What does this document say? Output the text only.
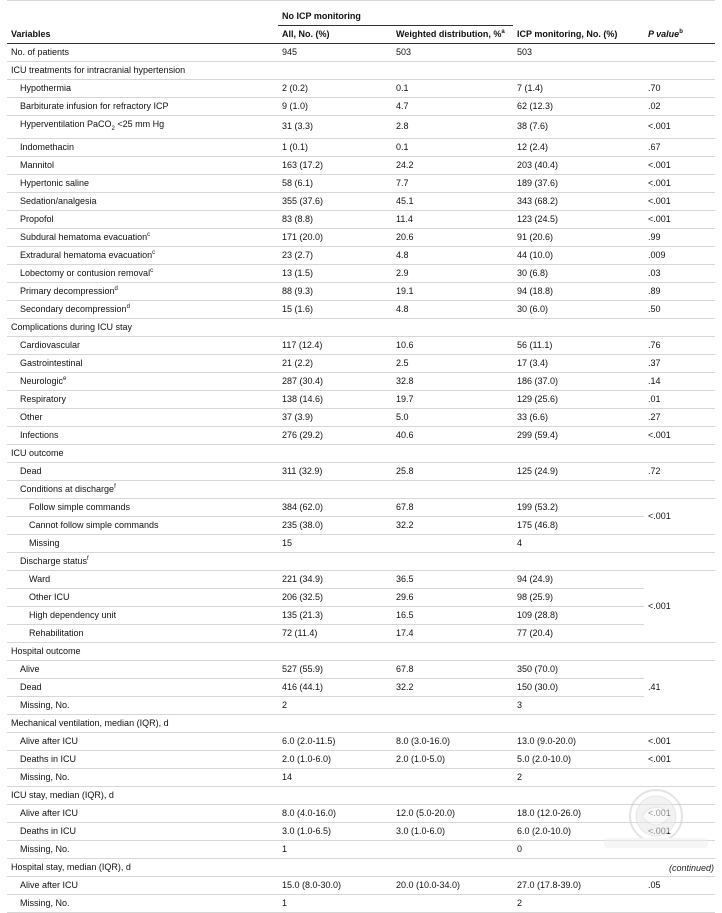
	No ICP monitoring			
Variables	All, No. (%)	Weighted distribution, %$^a$	ICP monitoring, No. (%)	P value$^b$
No. of patients	945	503	503	
ICU treatments for intracranial hypertension				
Hypothermia	2 (0.2)	0.1	7 (1.4)	.70
Barbiturate infusion for refractory ICP	9 (1.0)	4.7	62 (12.3)	.02
Hyperventilation PaCO$_2$ <25 mm Hg	31 (3.3)	2.8	38 (7.6)	<.001
Indomethacin	1 (0.1)	0.1	12 (2.4)	.67
Mannitol	163 (17.2)	24.2	203 (40.4)	<.001
Hypertonic saline	58 (6.1)	7.7	189 (37.6)	<.001
Sedation/analgesia	355 (37.6)	45.1	343 (68.2)	<.001
Propofol	83 (8.8)	11.4	123 (24.5)	<.001
Subdural hematoma evacuation$^c$	171 (20.0)	20.6	91 (20.6)	.99
Extradural hematoma evacuation$^c$	23 (2.7)	4.8	44 (10.0)	.009
Lobectomy or contusion removal$^c$	13 (1.5)	2.9	30 (6.8)	.03
Primary decompression$^d$	88 (9.3)	19.1	94 (18.8)	.89
Secondary decompression$^d$	15 (1.6)	4.8	30 (6.0)	.50
Complications during ICU stay				
Cardiovascular	117 (12.4)	10.6	56 (11.1)	.76
Gastrointestinal	21 (2.2)	2.5	17 (3.4)	.37
Neurologic$^e$	287 (30.4)	32.8	186 (37.0)	.14
Respiratory	138 (14.6)	19.7	129 (25.6)	.01
Other	37 (3.9)	5.0	33 (6.6)	.27
Infections	276 (29.2)	40.6	299 (59.4)	<.001
ICU outcome				
Dead	311 (32.9)	25.8	125 (24.9)	.72
Conditions at discharge$^f$				
Follow simple commands	384 (62.0)	67.8	199 (53.2)	<.001
Cannot follow simple commands	235 (38.0)	32.2	175 (46.8)	
Missing	15		4	
Discharge status$^f$				
Ward	221 (34.9)	36.5	94 (24.9)	<.001
Other ICU	206 (32.5)	29.6	98 (25.9)	
High dependency unit	135 (21.3)	16.5	109 (28.8)	
Rehabilitation	72 (11.4)	17.4	77 (20.4)	
Hospital outcome				
Alive	527 (55.9)	67.8	350 (70.0)	.41
Dead	416 (44.1)	32.2	150 (30.0)	
Missing, No.	2		3	
Mechanical ventilation, median (IQR), d				
Alive after ICU	6.0 (2.0-11.5)	8.0 (3.0-16.0)	13.0 (9.0-20.0)	<.001
Deaths in ICU	2.0 (1.0-6.0)	2.0 (1.0-5.0)	5.0 (2.0-10.0)	<.001
Missing, No.	14		2	
ICU stay, median (IQR), d				
Alive after ICU	8.0 (4.0-16.0)	12.0 (5.0-20.0)	18.0 (12.0-26.0)	
Deaths in ICU	3.0 (1.0-6.5)	3.0 (1.0-6.0)	6.0 (2.0-10.0)	
Missing, No.	1		0	
Hospital stay, median (IQR), d				
Alive after ICU	15.0 (8.0-30.0)	20.0 (10.0-34.0)	27.0 (17.8-39.0)	.05
Missing, No.	1		2	
(continued)
